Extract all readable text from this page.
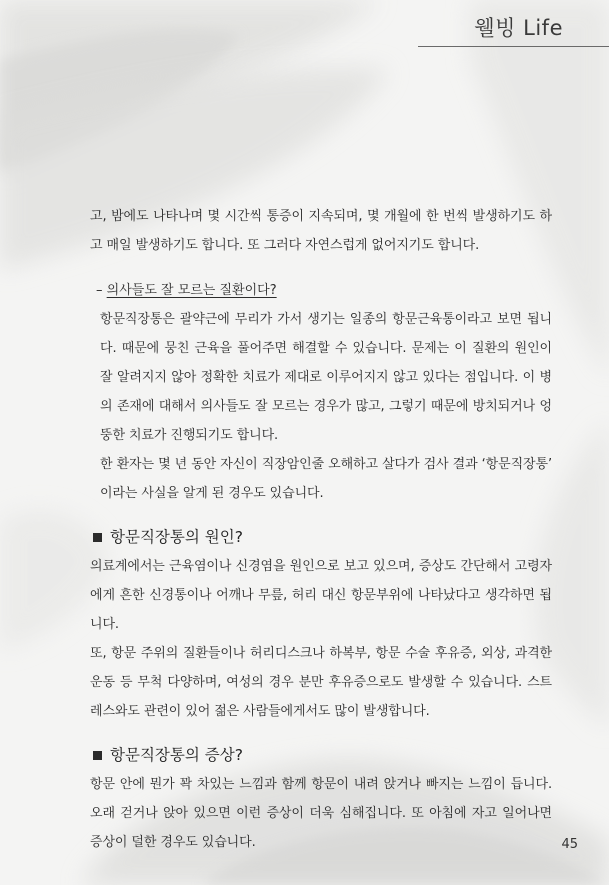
웰빙 Life

고, 밤에도 나타나며 몇 시간씩 통증이 지속되며, 몇 개월에 한 번씩 발생하기도 하고 매일 발생하기도 합니다. 또 그러다 자연스럽게 없어지기도 합니다.

– 의사들도 잘 모르는 질환이다?

항문직장통은 괄약근에 무리가 가서 생기는 일종의 항문근육통이라고 보면 됩니다. 때문에 뭉친 근육을 풀어주면 해결할 수 있습니다. 문제는 이 질환의 원인이 잘 알려지지 않아 정확한 치료가 제대로 이루어지지 않고 있다는 점입니다. 이 병의 존재에 대해서 의사들도 잘 모르는 경우가 많고, 그렇기 때문에 방치되거나 엉뚱한 치료가 진행되기도 합니다.

한 환자는 몇 년 동안 자신이 직장암인줄 오해하고 살다가 검사 결과 ‘항문직장통’ 이라는 사실을 알게 된 경우도 있습니다.

항문직장통의 원인?

의료계에서는 근육염이나 신경염을 원인으로 보고 있으며, 증상도 간단해서 고령자에게 흔한 신경통이나 어깨나 무릎, 허리 대신 항문부위에 나타났다고 생각하면 됩니다.

또, 항문 주위의 질환들이나 허리디스크나 하복부, 항문 수술 후유증, 외상, 과격한 운동 등 무척 다양하며, 여성의 경우 분만 후유증으로도 발생할 수 있습니다. 스트레스와도 관련이 있어 젊은 사람들에게서도 많이 발생합니다.

항문직장통의 증상?

항문 안에 뭔가 꽉 차있는 느낌과 함께 항문이 내려 앉거나 빠지는 느낌이 듭니다. 오래 걷거나 앉아 있으면 이런 증상이 더욱 심해집니다. 또 아침에 자고 일어나면 증상이 덜한 경우도 있습니다.	45
